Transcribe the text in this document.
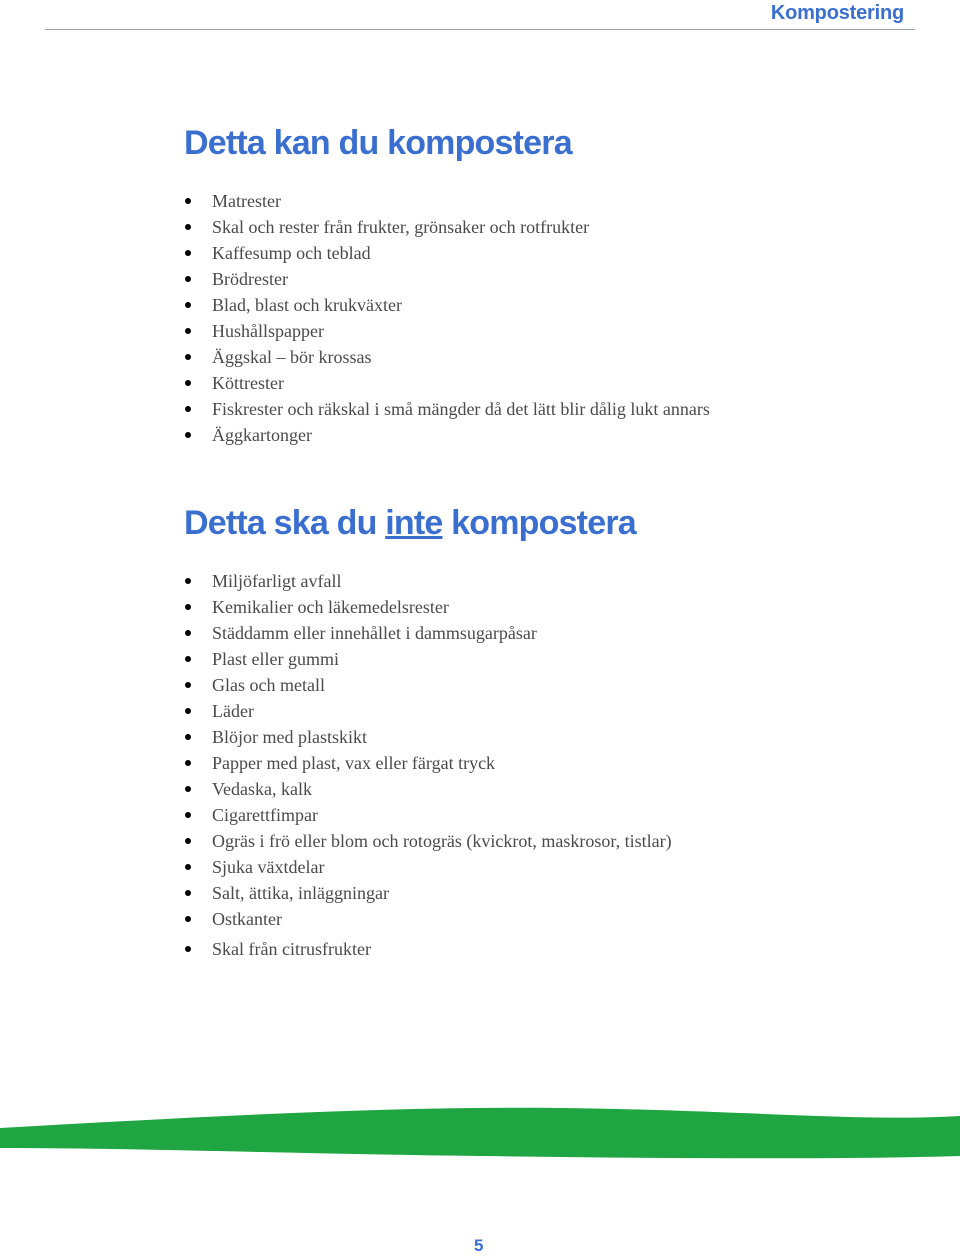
Kompostering
Detta kan du kompostera
Matrester
Skal och rester från frukter, grönsaker och rotfrukter
Kaffesump och teblad
Brödrester
Blad, blast och krukväxter
Hushållspapper
Äggskal – bör krossas
Köttrester
Fiskrester och räkskal i små mängder då det lätt blir dålig lukt annars
Äggkartonger
Detta ska du inte kompostera
Miljöfarligt avfall
Kemikalier och läkemedelsrester
Städdamm eller innehållet i dammsugarpåsar
Plast eller gummi
Glas och metall
Läder
Blöjor med plastskikt
Papper med plast, vax eller färgat tryck
Vedaska, kalk
Cigarettfimpar
Ogräs i frö eller blom och rotogräs (kvickrot, maskrosor, tistlar)
Sjuka växtdelar
Salt, ättika, inläggningar
Ostkanter
Skal från citrusfrukter
5
